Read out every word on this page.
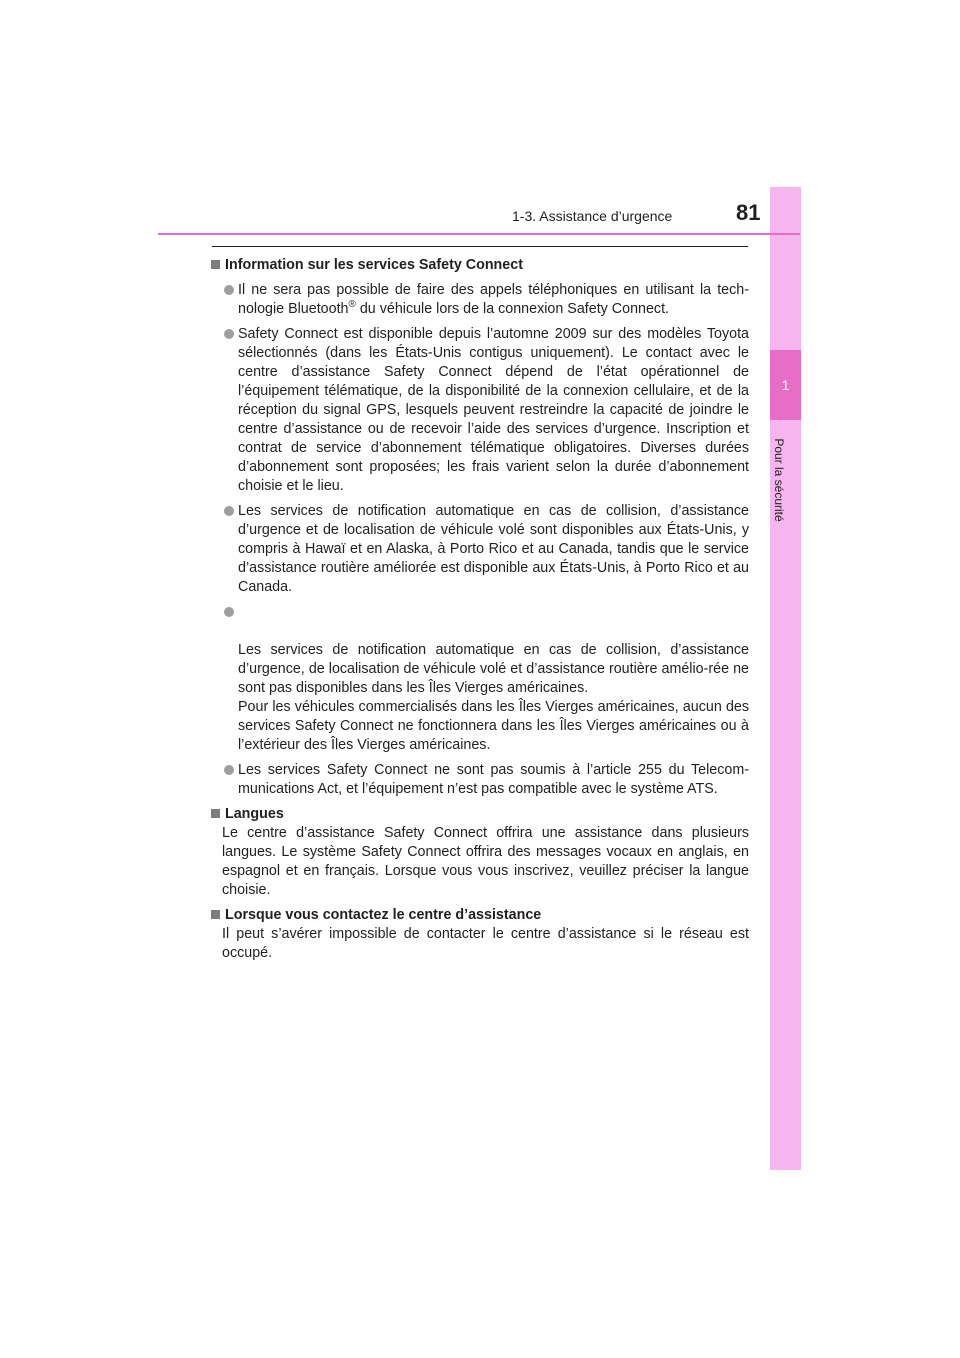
1
Pour la sécurité
1-3. Assistance d’urgence	81
Information sur les services Safety Connect
Il ne sera pas possible de faire des appels téléphoniques en utilisant la tech-nologie Bluetooth® du véhicule lors de la connexion Safety Connect.
Safety Connect est disponible depuis l’automne 2009 sur des modèles Toyota sélectionnés (dans les États-Unis contigus uniquement). Le contact avec le centre d’assistance Safety Connect dépend de l’état opérationnel de l’équipement télématique, de la disponibilité de la connexion cellulaire, et de la réception du signal GPS, lesquels peuvent restreindre la capacité de joindre le centre d’assistance ou de recevoir l’aide des services d’urgence. Inscription et contrat de service d’abonnement télématique obligatoires. Diverses durées d’abonnement sont proposées; les frais varient selon la durée d’abonnement choisie et le lieu.
Les services de notification automatique en cas de collision, d’assistance d’urgence et de localisation de véhicule volé sont disponibles aux États-Unis, y compris à Hawaï et en Alaska, à Porto Rico et au Canada, tandis que le service d’assistance routière améliorée est disponible aux États-Unis, à Porto Rico et au Canada.

Les services de notification automatique en cas de collision, d’assistance d’urgence, de localisation de véhicule volé et d’assistance routière amélio-rée ne sont pas disponibles dans les Îles Vierges américaines.
Pour les véhicules commercialisés dans les Îles Vierges américaines, aucun des services Safety Connect ne fonctionnera dans les Îles Vierges américaines ou à l’extérieur des Îles Vierges américaines.

Les services Safety Connect ne sont pas soumis à l’article 255 du Telecom-munications Act, et l’équipement n’est pas compatible avec le système ATS.
Langues
Le centre d’assistance Safety Connect offrira une assistance dans plusieurs langues. Le système Safety Connect offrira des messages vocaux en anglais, en espagnol et en français. Lorsque vous vous inscrivez, veuillez préciser la langue choisie.
Lorsque vous contactez le centre d’assistance
Il peut s’avérer impossible de contacter le centre d’assistance si le réseau est occupé.
